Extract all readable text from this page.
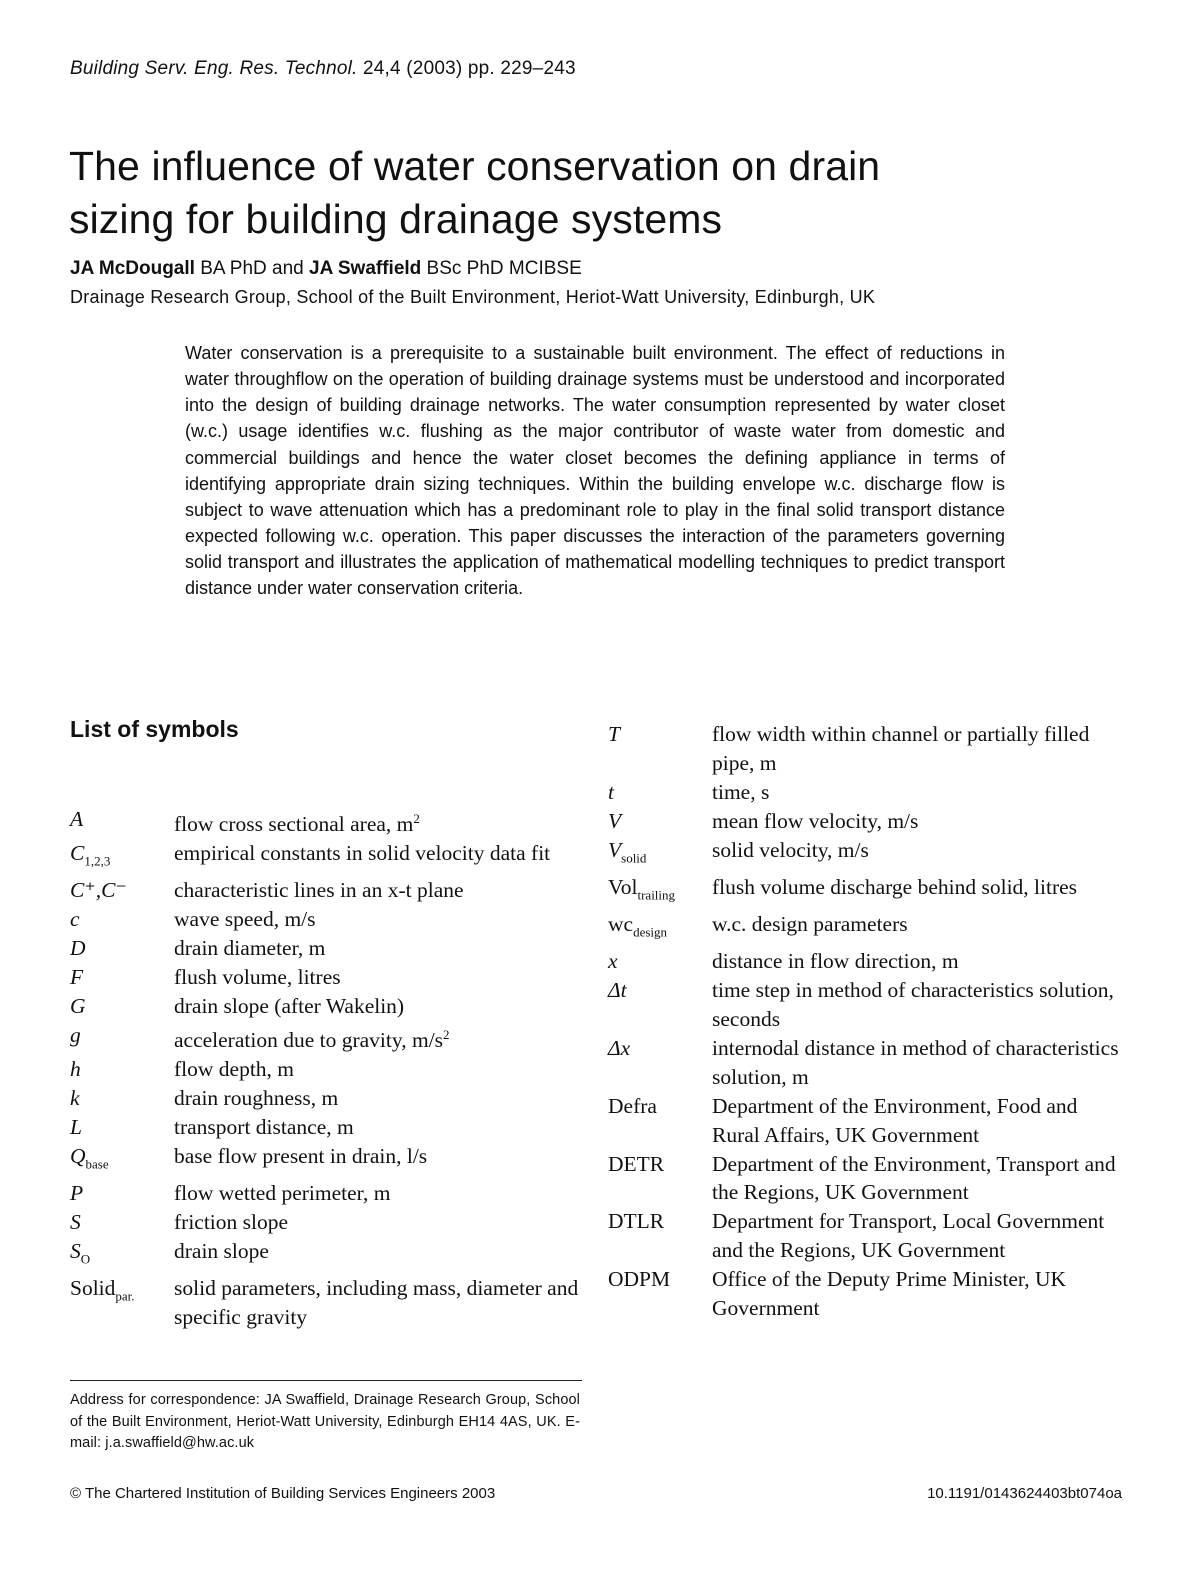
Building Serv. Eng. Res. Technol. 24,4 (2003) pp. 229–243
The influence of water conservation on drain
sizing for building drainage systems
JA McDougall BA PhD and JA Swaffield BSc PhD MCIBSE
Drainage Research Group, School of the Built Environment, Heriot-Watt University, Edinburgh, UK
Water conservation is a prerequisite to a sustainable built environment. The effect of reductions in water throughflow on the operation of building drainage systems must be understood and incorporated into the design of building drainage networks. The water consumption represented by water closet (w.c.) usage identifies w.c. flushing as the major contributor of waste water from domestic and commercial buildings and hence the water closet becomes the defining appliance in terms of identifying appropriate drain sizing techniques. Within the building envelope w.c. discharge flow is subject to wave attenuation which has a predominant role to play in the final solid transport distance expected following w.c. operation. This paper discusses the interaction of the parameters governing solid transport and illustrates the application of mathematical modelling techniques to predict transport distance under water conservation criteria.
List of symbols
A	flow cross sectional area, $m^2$
$C_{1,2,3}$	empirical constants in solid velocity data fit
C⁺,C⁻	characteristic lines in an x-t plane
c	wave speed, m/s
D	drain diameter, m
F	flush volume, litres
G	drain slope (after Wakelin)
g	acceleration due to gravity, $m/s^2$
h	flow depth, m
k	drain roughness, m
L	transport distance, m
$Q_{base}$	base flow present in drain, l/s
P	flow wetted perimeter, m
S	friction slope
$S_O$	drain slope
Solid$_{par.}$	solid parameters, including mass, diameter and specific gravity
T	flow width within channel or partially filled pipe, m
t	time, s
V	mean flow velocity, m/s
$V_{solid}$	solid velocity, m/s
Vol$_{trailing}$	flush volume discharge behind solid, litres
$wc_{design}$	w.c. design parameters
x	distance in flow direction, m
Δt	time step in method of characteristics solution, seconds
Δx	internodal distance in method of characteristics solution, m
Defra	Department of the Environment, Food and Rural Affairs, UK Government
DETR	Department of the Environment, Transport and the Regions, UK Government
DTLR	Department for Transport, Local Government and the Regions, UK Government
ODPM	Office of the Deputy Prime Minister, UK Government
Address for correspondence: JA Swaffield, Drainage Research Group, School of the Built Environment, Heriot-Watt University, Edinburgh EH14 4AS, UK. E-mail: j.a.swaffield@hw.ac.uk
© The Chartered Institution of Building Services Engineers 2003	10.1191/0143624403bt074oa
